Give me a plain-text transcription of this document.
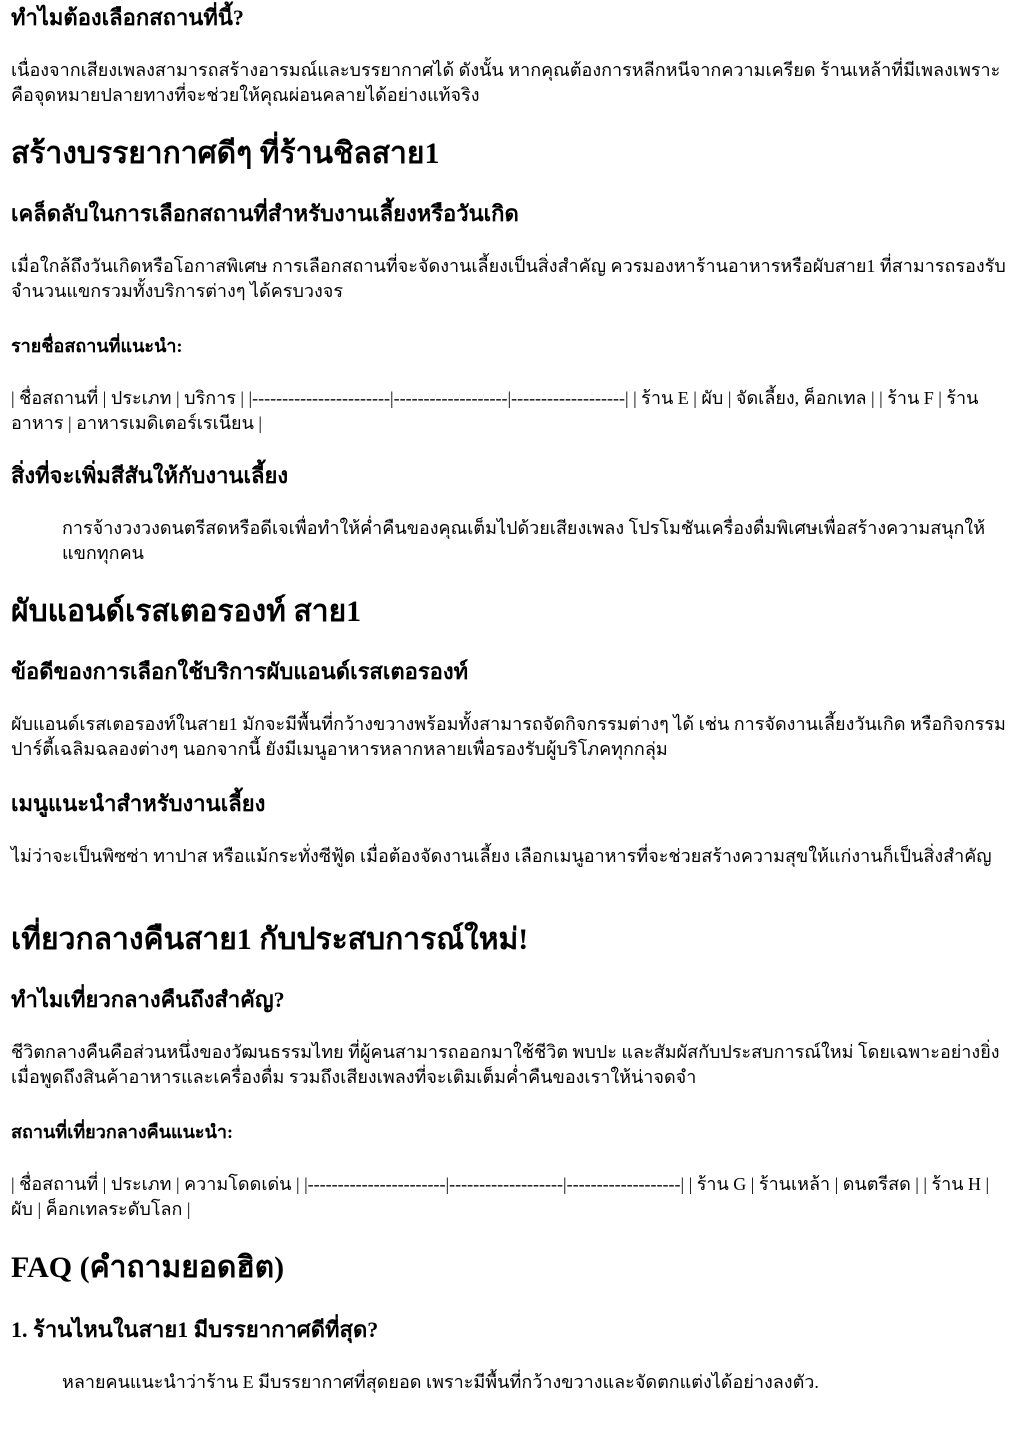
ทำไมต้องเลือกสถานที่นี้?

เนื่องจากเสียงเพลงสามารถสร้างอารมณ์และบรรยากาศได้ ดังนั้น หากคุณต้องการหลีกหนีจากความเครียด ร้านเหล้าที่มีเพลงเพราะคือจุดหมายปลายทางที่จะช่วยให้คุณผ่อนคลายได้อย่างแท้จริง

สร้างบรรยากาศดีๆ ที่ร้านชิลสาย1
เคล็ดลับในการเลือกสถานที่สำหรับงานเลี้ยงหรือวันเกิด

เมื่อใกล้ถึงวันเกิดหรือโอกาสพิเศษ การเลือกสถานที่จะจัดงานเลี้ยงเป็นสิ่งสำคัญ ควรมองหาร้านอาหารหรือผับสาย1 ที่สามารถรองรับจำนวนแขกรวมทั้งบริการต่างๆ ได้ครบวงจร

รายชื่อสถานที่แนะนำ:

| ชื่อสถานที่ | ประเภท | บริการ | |-----------------------|-------------------|-------------------| | ร้าน E | ผับ | จัดเลี้ยง, ค็อกเทล | | ร้าน F | ร้านอาหาร | อาหารเมดิเตอร์เรเนียน |

สิ่งที่จะเพิ่มสีสันให้กับงานเลี้ยง

การจ้างวงวงดนตรีสดหรือดีเจเพื่อทำให้ค่ำคืนของคุณเต็มไปด้วยเสียงเพลง โปรโมชันเครื่องดื่มพิเศษเพื่อสร้างความสนุกให้แขกทุกคน

ผับแอนด์เรสเตอรองท์ สาย1
ข้อดีของการเลือกใช้บริการผับแอนด์เรสเตอรองท์

ผับแอนด์เรสเตอรองท์ในสาย1 มักจะมีพื้นที่กว้างขวางพร้อมทั้งสามารถจัดกิจกรรมต่างๆ ได้ เช่น การจัดงานเลี้ยงวันเกิด หรือกิจกรรมปาร์ตี้เฉลิมฉลองต่างๆ นอกจากนี้ ยังมีเมนูอาหารหลากหลายเพื่อรองรับผู้บริโภคทุกกลุ่ม

เมนูแนะนำสำหรับงานเลี้ยง

ไม่ว่าจะเป็นพิซซ่า ทาปาส หรือแม้กระทั่งซีฟู้ด เมื่อต้องจัดงานเลี้ยง เลือกเมนูอาหารที่จะช่วยสร้างความสุขให้แก่งานก็เป็นสิ่งสำคัญ

เที่ยวกลางคืนสาย1 กับประสบการณ์ใหม่!
ทำไมเที่ยวกลางคืนถึงสำคัญ?

ชีวิตกลางคืนคือส่วนหนึ่งของวัฒนธรรมไทย ที่ผู้คนสามารถออกมาใช้ชีวิต พบปะ และสัมผัสกับประสบการณ์ใหม่ โดยเฉพาะอย่างยิ่งเมื่อพูดถึงสินค้าอาหารและเครื่องดื่ม รวมถึงเสียงเพลงที่จะเติมเต็มค่ำคืนของเราให้น่าจดจำ

สถานที่เที่ยวกลางคืนแนะนำ:

| ชื่อสถานที่ | ประเภท | ความโดดเด่น | |-----------------------|-------------------|-------------------| | ร้าน G | ร้านเหล้า | ดนตรีสด | | ร้าน H | ผับ | ค็อกเทลระดับโลก |

FAQ (คำถามยอดฮิต)
1. ร้านไหนในสาย1 มีบรรยากาศดีที่สุด?

หลายคนแนะนำว่าร้าน E มีบรรยากาศที่สุดยอด เพราะมีพื้นที่กว้างขวางและจัดตกแต่งได้อย่างลงตัว.
